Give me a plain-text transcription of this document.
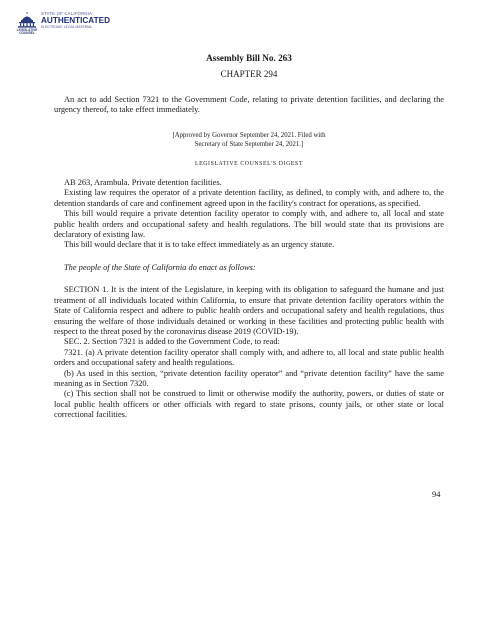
LEGISLATIVE
COUNSEL
STATE OF CALIFORNIA
AUTHENTICATED
ELECTRONIC LEGAL MATERIAL

Assembly Bill No. 263

CHAPTER 294

An act to add Section 7321 to the Government Code, relating to private detention facilities, and declaring the urgency thereof, to take effect immediately.

[Approved by Governor September 24, 2021. Filed with
Secretary of State September 24, 2021.]

LEGISLATIVE COUNSEL'S DIGEST

AB 263, Arambula. Private detention facilities.

Existing law requires the operator of a private detention facility, as defined, to comply with, and adhere to, the detention standards of care and confinement agreed upon in the facility's contract for operations, as specified.

This bill would require a private detention facility operator to comply with, and adhere to, all local and state public health orders and occupational safety and health regulations. The bill would state that its provisions are declaratory of existing law.

This bill would declare that it is to take effect immediately as an urgency statute.

The people of the State of California do enact as follows:

SECTION 1. It is the intent of the Legislature, in keeping with its obligation to safeguard the humane and just treatment of all individuals located within California, to ensure that private detention facility operators within the State of California respect and adhere to public health orders and occupational safety and health regulations, thus ensuring the welfare of those individuals detained or working in these facilities and protecting public health with respect to the threat posed by the coronavirus disease 2019 (COVID-19).

SEC. 2. Section 7321 is added to the Government Code, to read:

7321. (a) A private detention facility operator shall comply with, and adhere to, all local and state public health orders and occupational safety and health regulations.

(b) As used in this section, “private detention facility operator” and “private detention facility” have the same meaning as in Section 7320.

(c) This section shall not be construed to limit or otherwise modify the authority, powers, or duties of state or local public health officers or other officials with regard to state prisons, county jails, or other state or local correctional facilities.

94
